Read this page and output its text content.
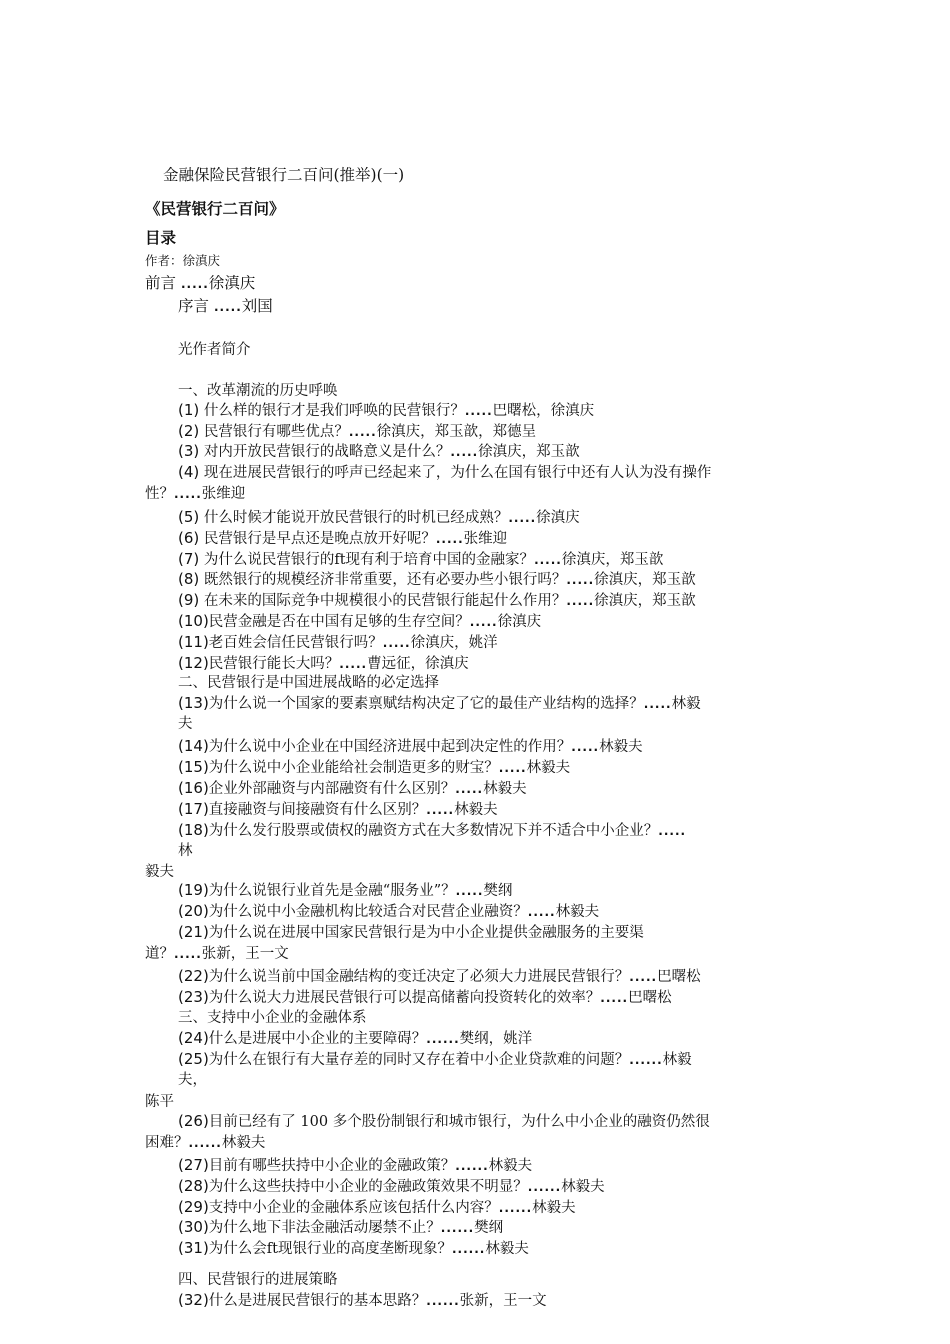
金融保险民营银行二百问(推举)(一)
《民营银行二百问》
目录
作者：徐滇庆
前言 .....徐滇庆
序言 .....刘国
光作者简介
一、改革潮流的历史呼唤
(1) 什么样的银行才是我们呼唤的民营银行？.....巴曙松，徐滇庆
(2) 民营银行有哪些优点？.....徐滇庆，郑玉歆，郑德呈
(3) 对内开放民营银行的战略意义是什么？.....徐滇庆，郑玉歆
(4) 现在进展民营银行的呼声已经起来了，为什么在国有银行中还有人认为没有操作
性？.....张维迎
(5) 什么时候才能说开放民营银行的时机已经成熟？.....徐滇庆
(6) 民营银行是早点还是晚点放开好呢？.....张维迎
(7) 为什么说民营银行的ft现有利于培育中国的金融家？.....徐滇庆，郑玉歆
(8) 既然银行的规模经济非常重要，还有必要办些小银行吗？.....徐滇庆，郑玉歆
(9) 在未来的国际竞争中规模很小的民营银行能起什么作用？.....徐滇庆，郑玉歆
(10)民营金融是否在中国有足够的生存空间？.....徐滇庆
(11)老百姓会信任民营银行吗？.....徐滇庆，姚洋
(12)民营银行能长大吗？.....曹远征，徐滇庆
二、民营银行是中国进展战略的必定选择
(13)为什么说一个国家的要素禀赋结构决定了它的最佳产业结构的选择？.....林毅
夫
(14)为什么说中小企业在中国经济进展中起到决定性的作用？.....林毅夫
(15)为什么说中小企业能给社会制造更多的财宝？.....林毅夫
(16)企业外部融资与内部融资有什么区别？.....林毅夫
(17)直接融资与间接融资有什么区别？.....林毅夫
(18)为什么发行股票或债权的融资方式在大多数情况下并不适合中小企业？.....
林
毅夫
(19)为什么说银行业首先是金融“服务业”？.....樊纲
(20)为什么说中小金融机构比较适合对民营企业融资？.....林毅夫
(21)为什么说在进展中国家民营银行是为中小企业提供金融服务的主要渠
道？.....张新，王一文
(22)为什么说当前中国金融结构的变迁决定了必须大力进展民营银行？.....巴曙松
(23)为什么说大力进展民营银行可以提高储蓄向投资转化的效率？.....巴曙松
三、支持中小企业的金融体系
(24)什么是进展中小企业的主要障碍？......樊纲，姚洋
(25)为什么在银行有大量存差的同时又存在着中小企业贷款难的问题？......林毅
夫，
陈平
(26)目前已经有了 100 多个股份制银行和城市银行，为什么中小企业的融资仍然很
困难？......林毅夫
(27)目前有哪些扶持中小企业的金融政策？......林毅夫
(28)为什么这些扶持中小企业的金融政策效果不明显？......林毅夫
(29)支持中小企业的金融体系应该包括什么内容？......林毅夫
(30)为什么地下非法金融活动屡禁不止？......樊纲
(31)为什么会ft现银行业的高度垄断现象？......林毅夫
四、民营银行的进展策略
(32)什么是进展民营银行的基本思路？......张新，王一文
